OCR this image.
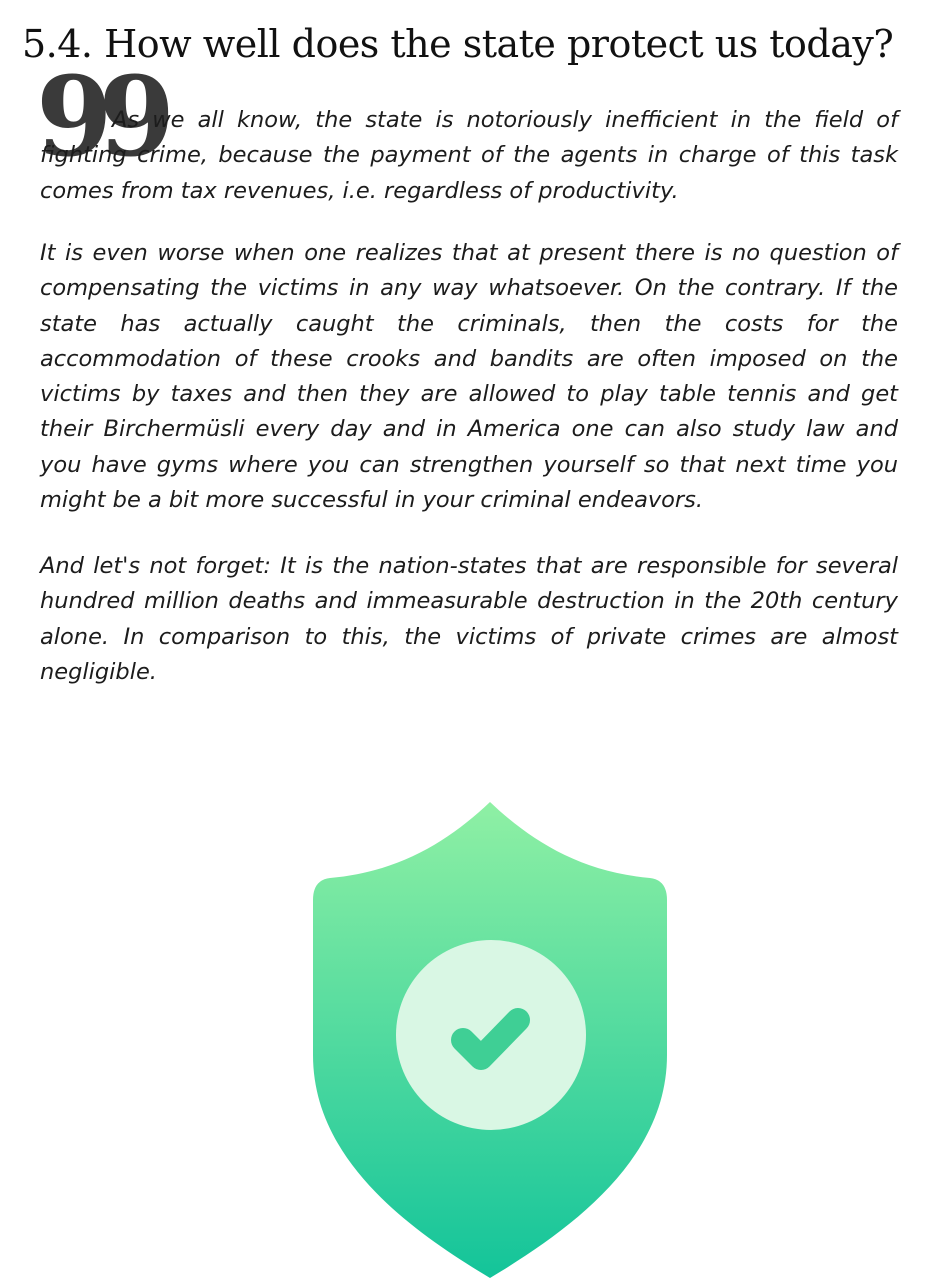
5.4. How well does the state protect us today?
99

As we all know, the state is notoriously inefficient in the field of fighting crime, because the payment of the agents in charge of this task comes from tax revenues, i.e. regardless of productivity.

It is even worse when one realizes that at present there is no question of compensating the victims in any way whatsoever. On the contrary. If the state has actually caught the criminals, then the costs for the accommodation of these crooks and bandits are often imposed on the victims by taxes and then they are allowed to play table tennis and get their Birchermüsli every day and in America one can also study law and you have gyms where you can strengthen yourself so that next time you might be a bit more successful in your criminal endeavors.

And let's not forget: It is the nation-states that are responsible for several hundred million deaths and immeasurable destruction in the 20th century alone. In comparison to this, the victims of private crimes are almost negligible.
